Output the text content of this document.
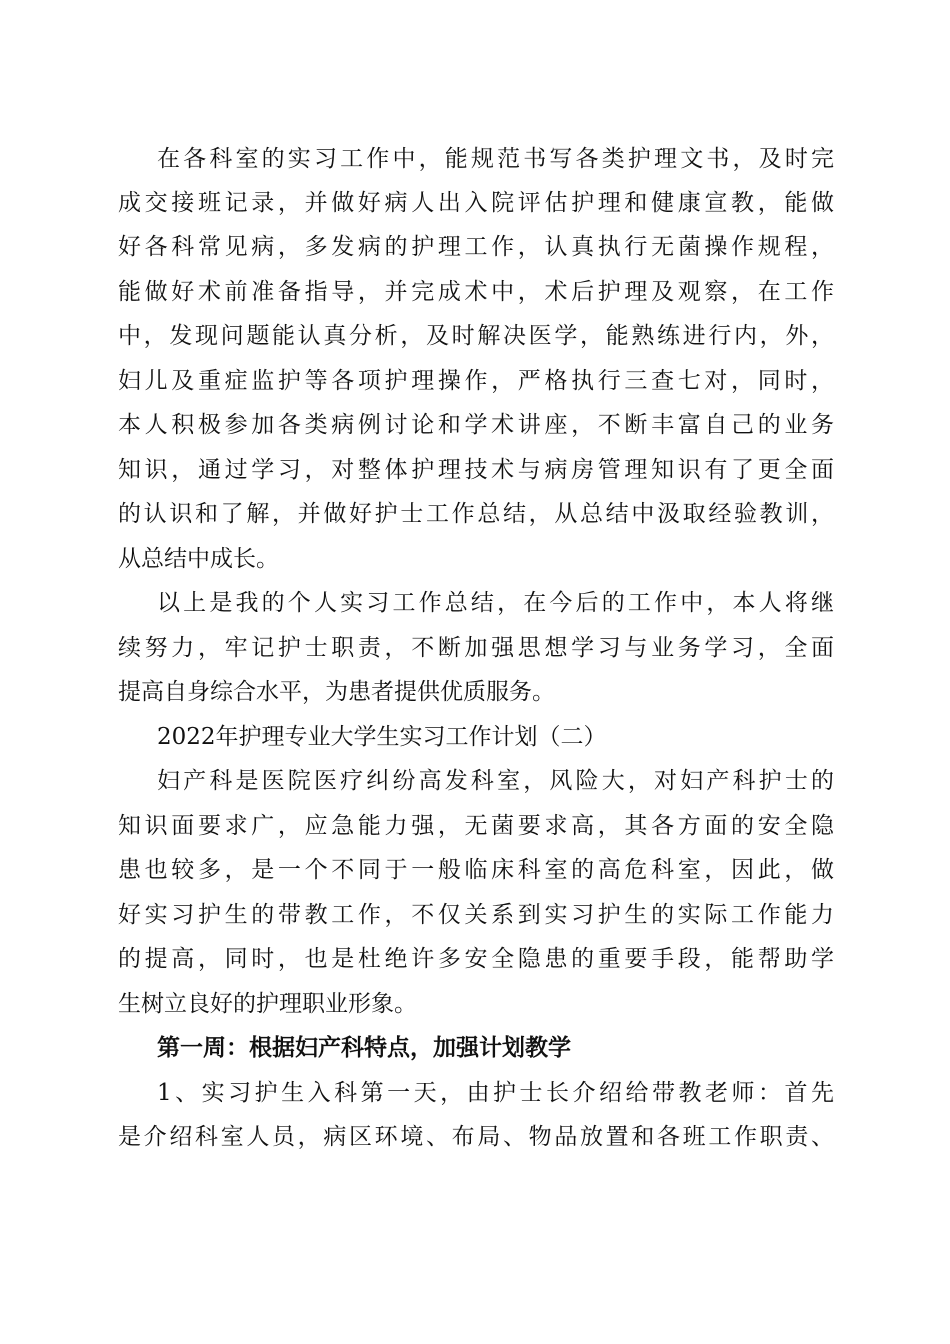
在各科室的实习工作中，能规范书写各类护理文书，及时完
成交接班记录，并做好病人出入院评估护理和健康宣教，能做
好各科常见病，多发病的护理工作，认真执行无菌操作规程，
能做好术前准备指导，并完成术中，术后护理及观察，在工作
中，发现问题能认真分析，及时解决医学，能熟练进行内，外，
妇儿及重症监护等各项护理操作，严格执行三查七对，同时，
本人积极参加各类病例讨论和学术讲座，不断丰富自己的业务
知识，通过学习，对整体护理技术与病房管理知识有了更全面
的认识和了解，并做好护士工作总结，从总结中汲取经验教训，
从总结中成长。
以上是我的个人实习工作总结，在今后的工作中，本人将继
续努力，牢记护士职责，不断加强思想学习与业务学习，全面
提高自身综合水平，为患者提供优质服务。
2022年护理专业大学生实习工作计划（二）
妇产科是医院医疗纠纷高发科室，风险大，对妇产科护士的
知识面要求广，应急能力强，无菌要求高，其各方面的安全隐
患也较多，是一个不同于一般临床科室的高危科室，因此，做
好实习护生的带教工作，不仅关系到实习护生的实际工作能力
的提高，同时，也是杜绝许多安全隐患的重要手段，能帮助学
生树立良好的护理职业形象。
第一周：根据妇产科特点，加强计划教学
1、实习护生入科第一天，由护士长介绍给带教老师：首先
是介绍科室人员，病区环境、布局、物品放置和各班工作职责、
